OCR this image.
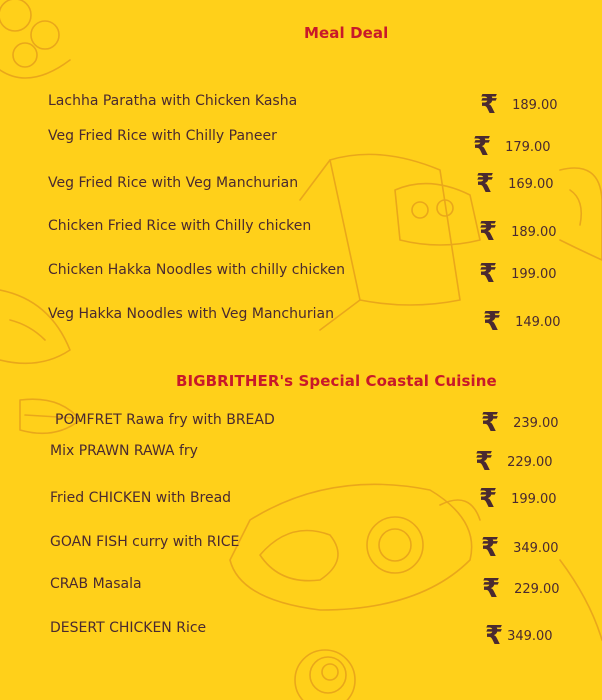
Meal Deal
Lachha Paratha with Chicken Kasha	₹ 189.00
Veg Fried Rice with Chilly Paneer	₹ 179.00
Veg Fried Rice with Veg Manchurian	₹ 169.00
Chicken Fried Rice with Chilly chicken	₹ 189.00
Chicken Hakka Noodles with chilly chicken	₹ 199.00
Veg Hakka Noodles with Veg Manchurian	₹ 149.00
BIGBRITHER's Special Coastal Cuisine
POMFRET Rawa fry with BREAD	₹ 239.00
Mix PRAWN RAWA fry	₹ 229.00
Fried CHICKEN with Bread	₹ 199.00
GOAN FISH curry with RICE	₹ 349.00
CRAB Masala	₹ 229.00
DESERT CHICKEN Rice	₹ 349.00
